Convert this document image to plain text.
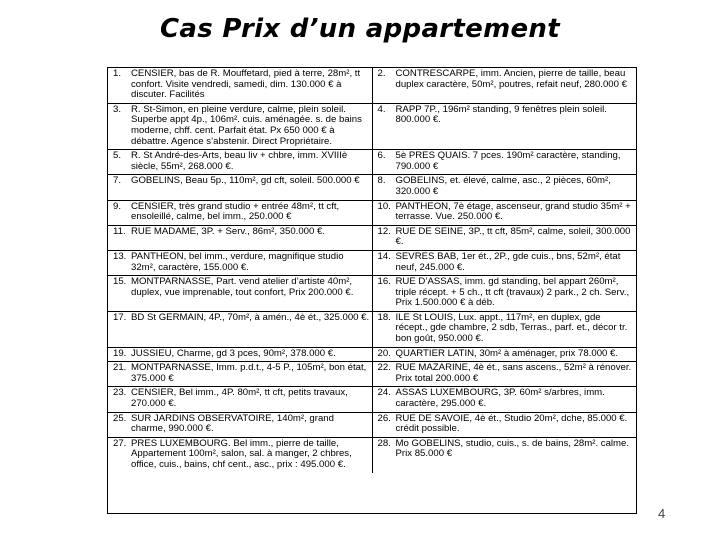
Cas Prix d’un appartement
1. CENSIER, bas de R. Mouffetard, pied à terre, 28m², tt confort. Visite vendredi, samedi, dim. 130.000 € à discuter. Facilités	2. CONTRESCARPE, imm. Ancien, pierre de taille, beau duplex caractère, 50m², poutres, refait neuf, 280.000 €

3. R. St-Simon, en pleine verdure, calme, plein soleil. Superbe appt 4p., 106m². cuis. aménagée. s. de bains moderne, chff. cent. Parfait état. Px 650 000 € à débattre. Agence s’abstenir. Direct Propriétaire.	4. RAPP 7P., 196m² standing, 9 fenêtres plein soleil. 800.000 €.

5. R. St André-des-Arts, beau liv + chbre, imm. XVIIIè siècle, 55m², 268.000 €.	6. 5è PRES QUAIS. 7 pces. 190m² caractère, standing, 790.000 €

7. GOBELINS, Beau 5p., 110m², gd cft, soleil. 500.000 €	8. GOBELINS, et. élevé, calme, asc., 2 pièces, 60m², 320.000 €

9. CENSIER, très grand studio + entrée 48m², tt cft, ensoleillé, calme, bel imm., 250.000 €	10. PANTHEON, 7è étage, ascenseur, grand studio 35m² + terrasse. Vue. 250.000 €.

11. RUE MADAME, 3P. + Serv., 86m², 350.000 €.	12. RUE DE SEINE, 3P., tt cft, 85m², calme, soleil, 300.000 €.

13. PANTHEON, bel imm., verdure, magnifique studio 32m², caractère, 155.000 €.	14. SEVRES BAB, 1er ét., 2P., gde cuis., bns, 52m², état neuf, 245.000 €.

15. MONTPARNASSE, Part. vend atelier d’artiste 40m², duplex, vue imprenable, tout confort, Prix 200.000 €.	16. RUE D’ASSAS, imm. gd standing, bel appart 260m², triple récept. + 5 ch., tt cft (travaux) 2 park., 2 ch. Serv., Prix 1.500.000 € à déb.

17. BD St GERMAIN, 4P., 70m², à amén., 4è ét., 325.000 €.	18. ILE St LOUIS, Lux. appt., 117m², en duplex, gde récept., gde chambre, 2 sdb, Terras., parf. et., décor tr. bon goût, 950.000 €.

19. JUSSIEU, Charme, gd 3 pces, 90m², 378.000 €.	20. QUARTIER LATIN, 30m² à aménager, prix 78.000 €.

21. MONTPARNASSE, Imm. p.d.t., 4-5 P., 105m², bon état, 375.000 €	22. RUE MAZARINE, 4è ét., sans ascens., 52m² à rénover. Prix total 200.000 €

23. CENSIER, Bel imm., 4P. 80m², tt cft, petits travaux, 270.000 €.	24. ASSAS LUXEMBOURG, 3P. 60m² s/arbres, imm. caractère, 295.000 €.

25. SUR JARDINS OBSERVATOIRE, 140m², grand charme, 990.000 €.	26. RUE DE SAVOIE, 4è ét., Studio 20m², dche, 85.000 €. crédit possible.

27. PRES LUXEMBOURG. Bel imm., pierre de taille, Appartement 100m², salon, sal. à manger, 2 chbres, office, cuis., bains, chf cent., asc., prix : 495.000 €.	28. Mo GOBELINS, studio, cuis., s. de bains, 28m². calme. Prix 85.000 €
4
